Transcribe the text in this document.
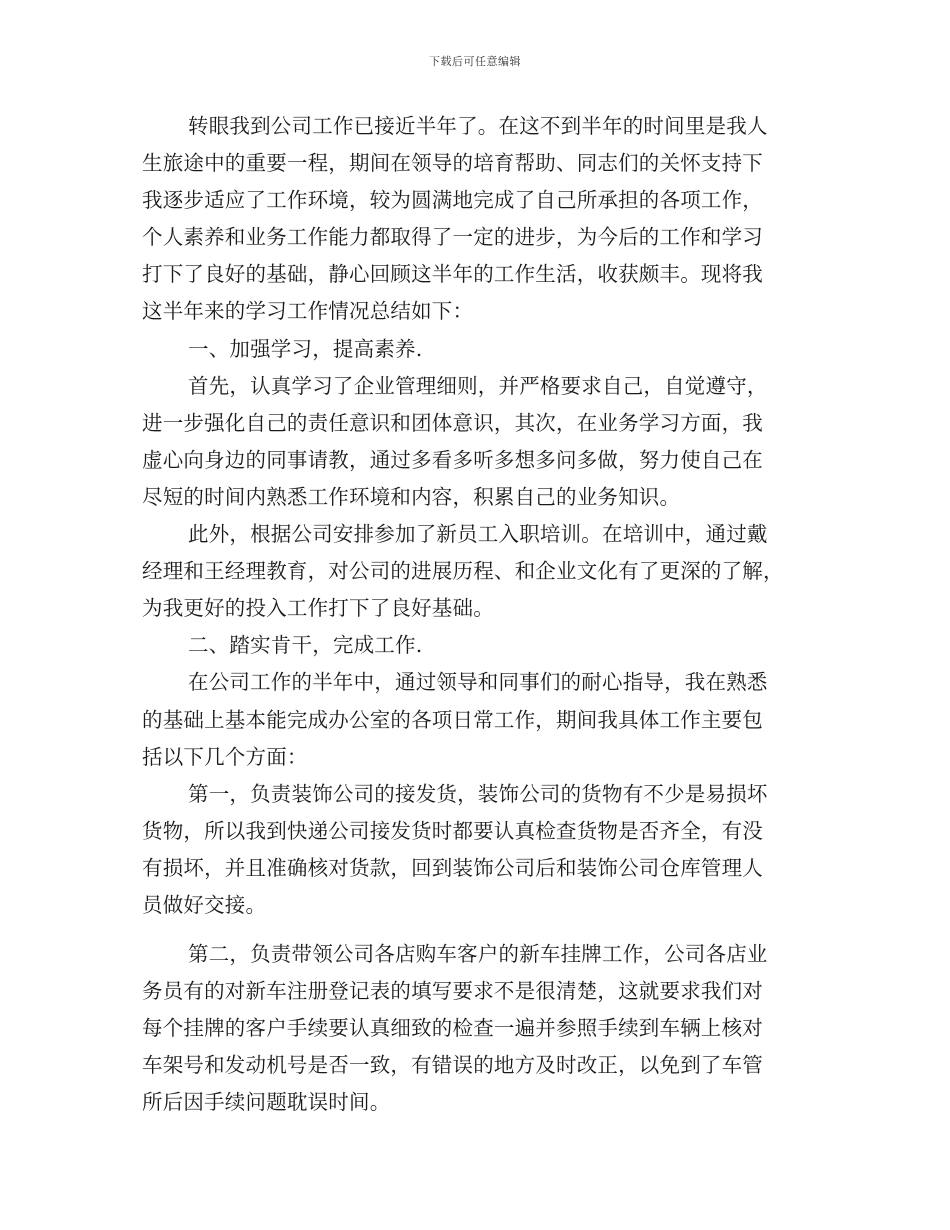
下载后可任意编辑
转眼我到公司工作已接近半年了。在这不到半年的时间里是我人
生旅途中的重要一程，期间在领导的培育帮助、同志们的关怀支持下
我逐步适应了工作环境，较为圆满地完成了自己所承担的各项工作，
个人素养和业务工作能力都取得了一定的进步，为今后的工作和学习
打下了良好的基础，静心回顾这半年的工作生活，收获颇丰。现将我
这半年来的学习工作情况总结如下：
一、加强学习，提高素养.
首先，认真学习了企业管理细则，并严格要求自己，自觉遵守，
进一步强化自己的责任意识和团体意识，其次，在业务学习方面，我
虚心向身边的同事请教，通过多看多听多想多问多做，努力使自己在
尽短的时间内熟悉工作环境和内容，积累自己的业务知识。
此外，根据公司安排参加了新员工入职培训。在培训中，通过戴
经理和王经理教育，对公司的进展历程、和企业文化有了更深的了解，
为我更好的投入工作打下了良好基础。
二、踏实肯干，完成工作.
在公司工作的半年中，通过领导和同事们的耐心指导，我在熟悉
的基础上基本能完成办公室的各项日常工作，期间我具体工作主要包
括以下几个方面：
第一，负责装饰公司的接发货，装饰公司的货物有不少是易损坏
货物，所以我到快递公司接发货时都要认真检查货物是否齐全，有没
有损坏，并且准确核对货款，回到装饰公司后和装饰公司仓库管理人
员做好交接。
第二，负责带领公司各店购车客户的新车挂牌工作，公司各店业
务员有的对新车注册登记表的填写要求不是很清楚，这就要求我们对
每个挂牌的客户手续要认真细致的检查一遍并参照手续到车辆上核对
车架号和发动机号是否一致，有错误的地方及时改正，以免到了车管
所后因手续问题耽误时间。
